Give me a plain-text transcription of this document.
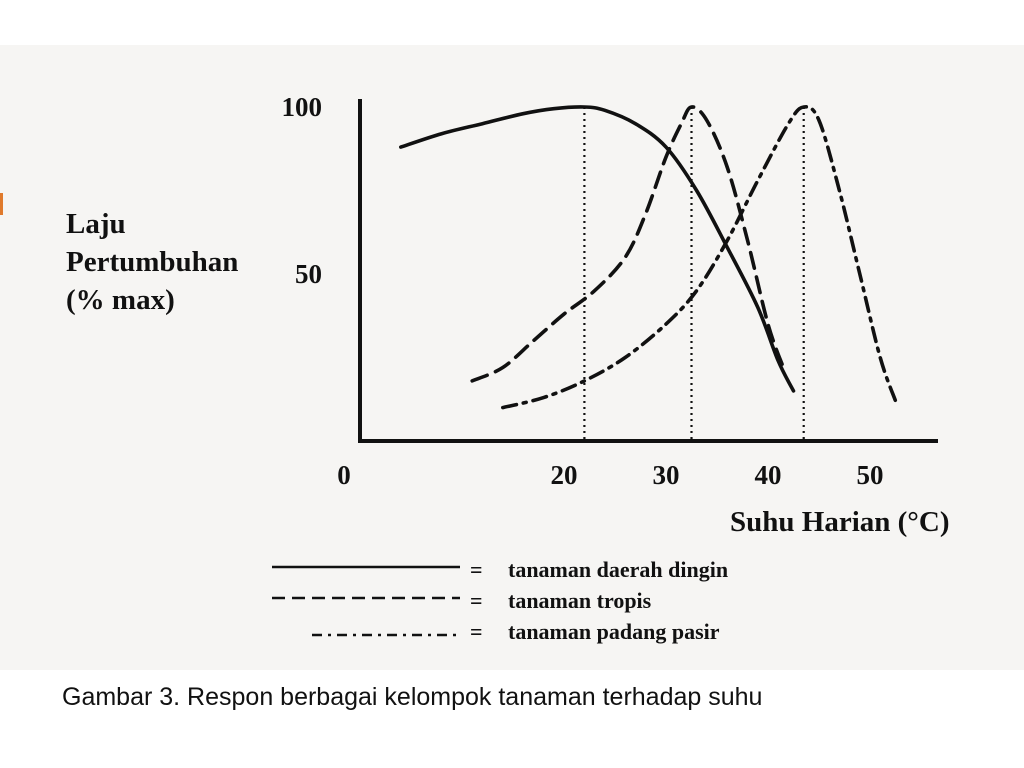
0	20	30	40	50
100
50
Laju
Pertumbuhan
(% max)
Suhu Harian (°C)
= tanaman daerah dingin
= tanaman tropis
= tanaman padang pasir
Gambar 3. Respon berbagai kelompok tanaman terhadap suhu
